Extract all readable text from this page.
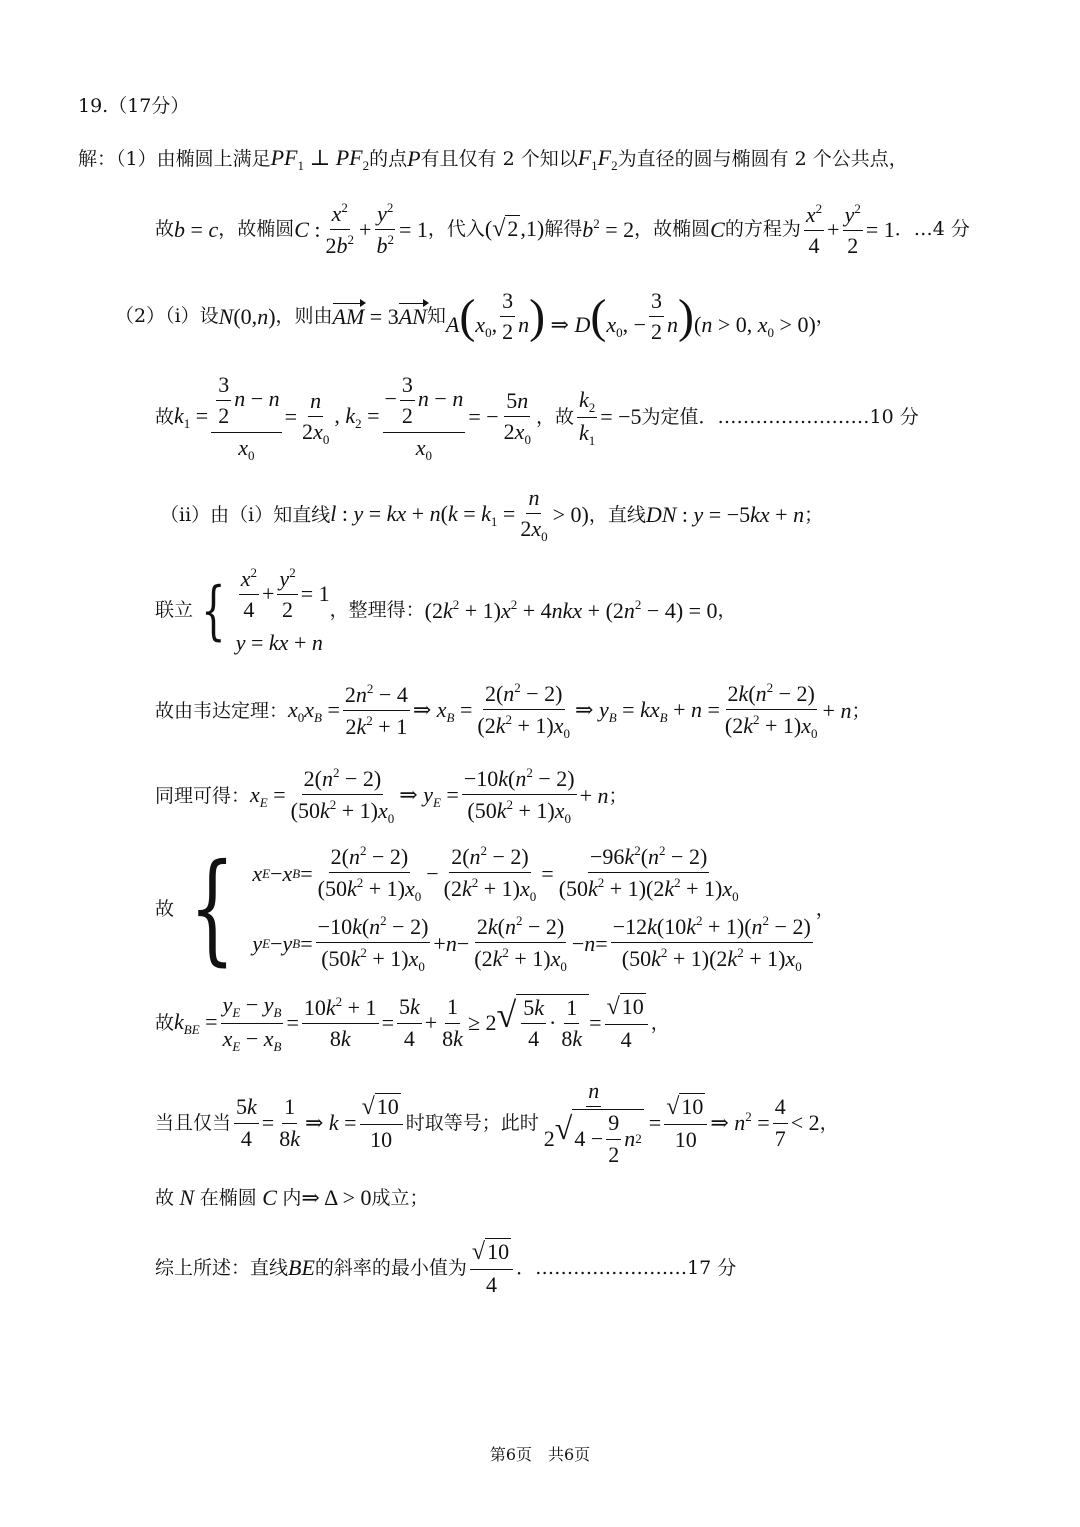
19.（17分）
解：（1）由椭圆上满足 $PF_1$ ⊥ $PF_2$ 的点 P 有且仅有 2 个知以 $F_1F_2$ 为直径的圆与椭圆有 2 个公共点，
故 b = c ，故椭圆 C : $\frac{x^2}{2b^2} + \frac{y^2}{b^2} = 1$ ，代入 ( √ 2 ,1) 解得 $b^2 = 2$ ，故椭圆 C 的方程为 $\frac{x^2}{4} + \frac{y^2}{2} = 1$ ．…4 分
（2）（i）设 N(0,n) ，则由 AM = 3AN 知 $A(x_0$, $\frac{3}{2} n$) ⇒ $D(x_0$, − $\frac{3}{2} n)(n > 0$, $x_0 > 0$) ，
故 $k_1 = \frac{\frac{3}{2} n - n}{x_0} = \frac{n}{2x_0}$ , $k_2 = \frac{- \frac{3}{2} n - n}{x_0}$ = − $\frac{5n}{2x_0}$ ，故 $\frac{k_2}{k_1} = -5$ 为定值．……………………10 分
（ii）由（i）知直线 l : y = kx + $n(k = k_1 = \frac{n}{2x_0} > 0)$ ，直线 DN : y = −5kx + n ；
联立 { $\frac{x^2}{4} + \frac{y^2}{2} = 1$
y = kx + n
，整理得： $(2k^2 + 1)x^2 + 4nkx + (2n^2 - 4) = 0$ ，
故由韦达定理： $x_0x_B = \frac{2n^2 - 4}{2k^2 + 1}$ ⇒ $x_B = \frac{2(n^2 - 2)}{(2k^2 + 1)x_0}$ ⇒ $y_B = kx_B + n = \frac{2k(n^2 - 2)}{(2k^2 + 1)x_0} + n$ ；
同理可得： $x_E = \frac{2(n^2 - 2)}{(50k^2 + 1)x_0}$ ⇒ $y_E = \frac{-10k(n^2 - 2)}{(50k^2 + 1)x_0} + n$ ；
故 { x E − x $B = \frac{2(n^2 - 2)}{(50k^2 + 1)x_0} - \frac{2(n^2 - 2)}{(2k^2 + 1)x_0} = \frac{-96k^2(n^2 - 2)}{(50k^2 + 1)(2k^2 + 1)x_0}$
y E − y $B = \frac{-10k(n^2 - 2)}{(50k^2 + 1)x_0} + n - \frac{2k(n^2 - 2)}{(2k^2 + 1)x_0} - n = \frac{-12k(10k^2 + 1)(n^2 - 2)}{(50k^2 + 1)(2k^2 + 1)x_0}$
，
故 $k_{BE} = \frac{y_E - y_B}{x_E - x_B} = \frac{10k^2 + 1}{8k} = \frac{5k}{4} + \frac{1}{8k} \ge 2$ √ $\frac{5k}{4} \cdot \frac{1}{8k} = \frac{√ 10}{4}$ ，
当且仅当 $\frac{5k}{4} = \frac{1}{8k}$ ⇒ $k = \frac{√ 10}{10}$ 时取等号；此时 $\frac{n}{2 √ 4 - \frac{9}{2} n 2} = \frac{√ 10}{10}$ ⇒ $n^2 = \frac{4}{7} < 2$ ，
故 N 在椭圆 C 内 ⇒ Δ > 0 成立；
综上所述：直线 BE 的斜率的最小值为 $\frac{√ 10}{4}$ ．……………………17 分
第6页　共6页
